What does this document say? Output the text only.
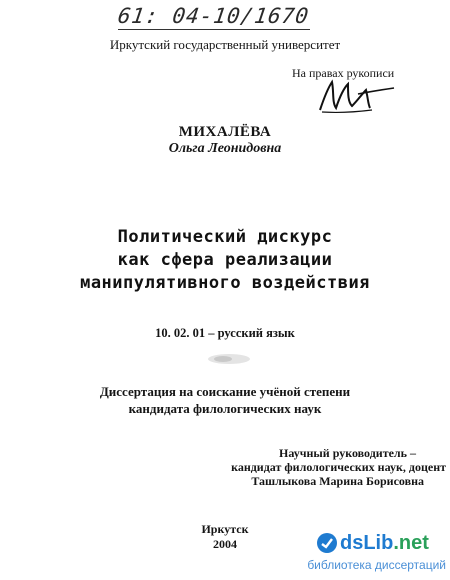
61: 04-10/1670
Иркутский государственный университет
На правах рукописи
МИХАЛЁВА
Ольга Леонидовна
Политический дискурс
как сфера реализации
манипулятивного воздействия
10. 02. 01 – русский язык
Диссертация на соискание учёной степени
кандидата филологических наук
Научный руководитель –
кандидат филологических наук, доцент
Ташлыкова Марина Борисовна
Иркутск
2004	dsLib.net
библиотека диссертаций
